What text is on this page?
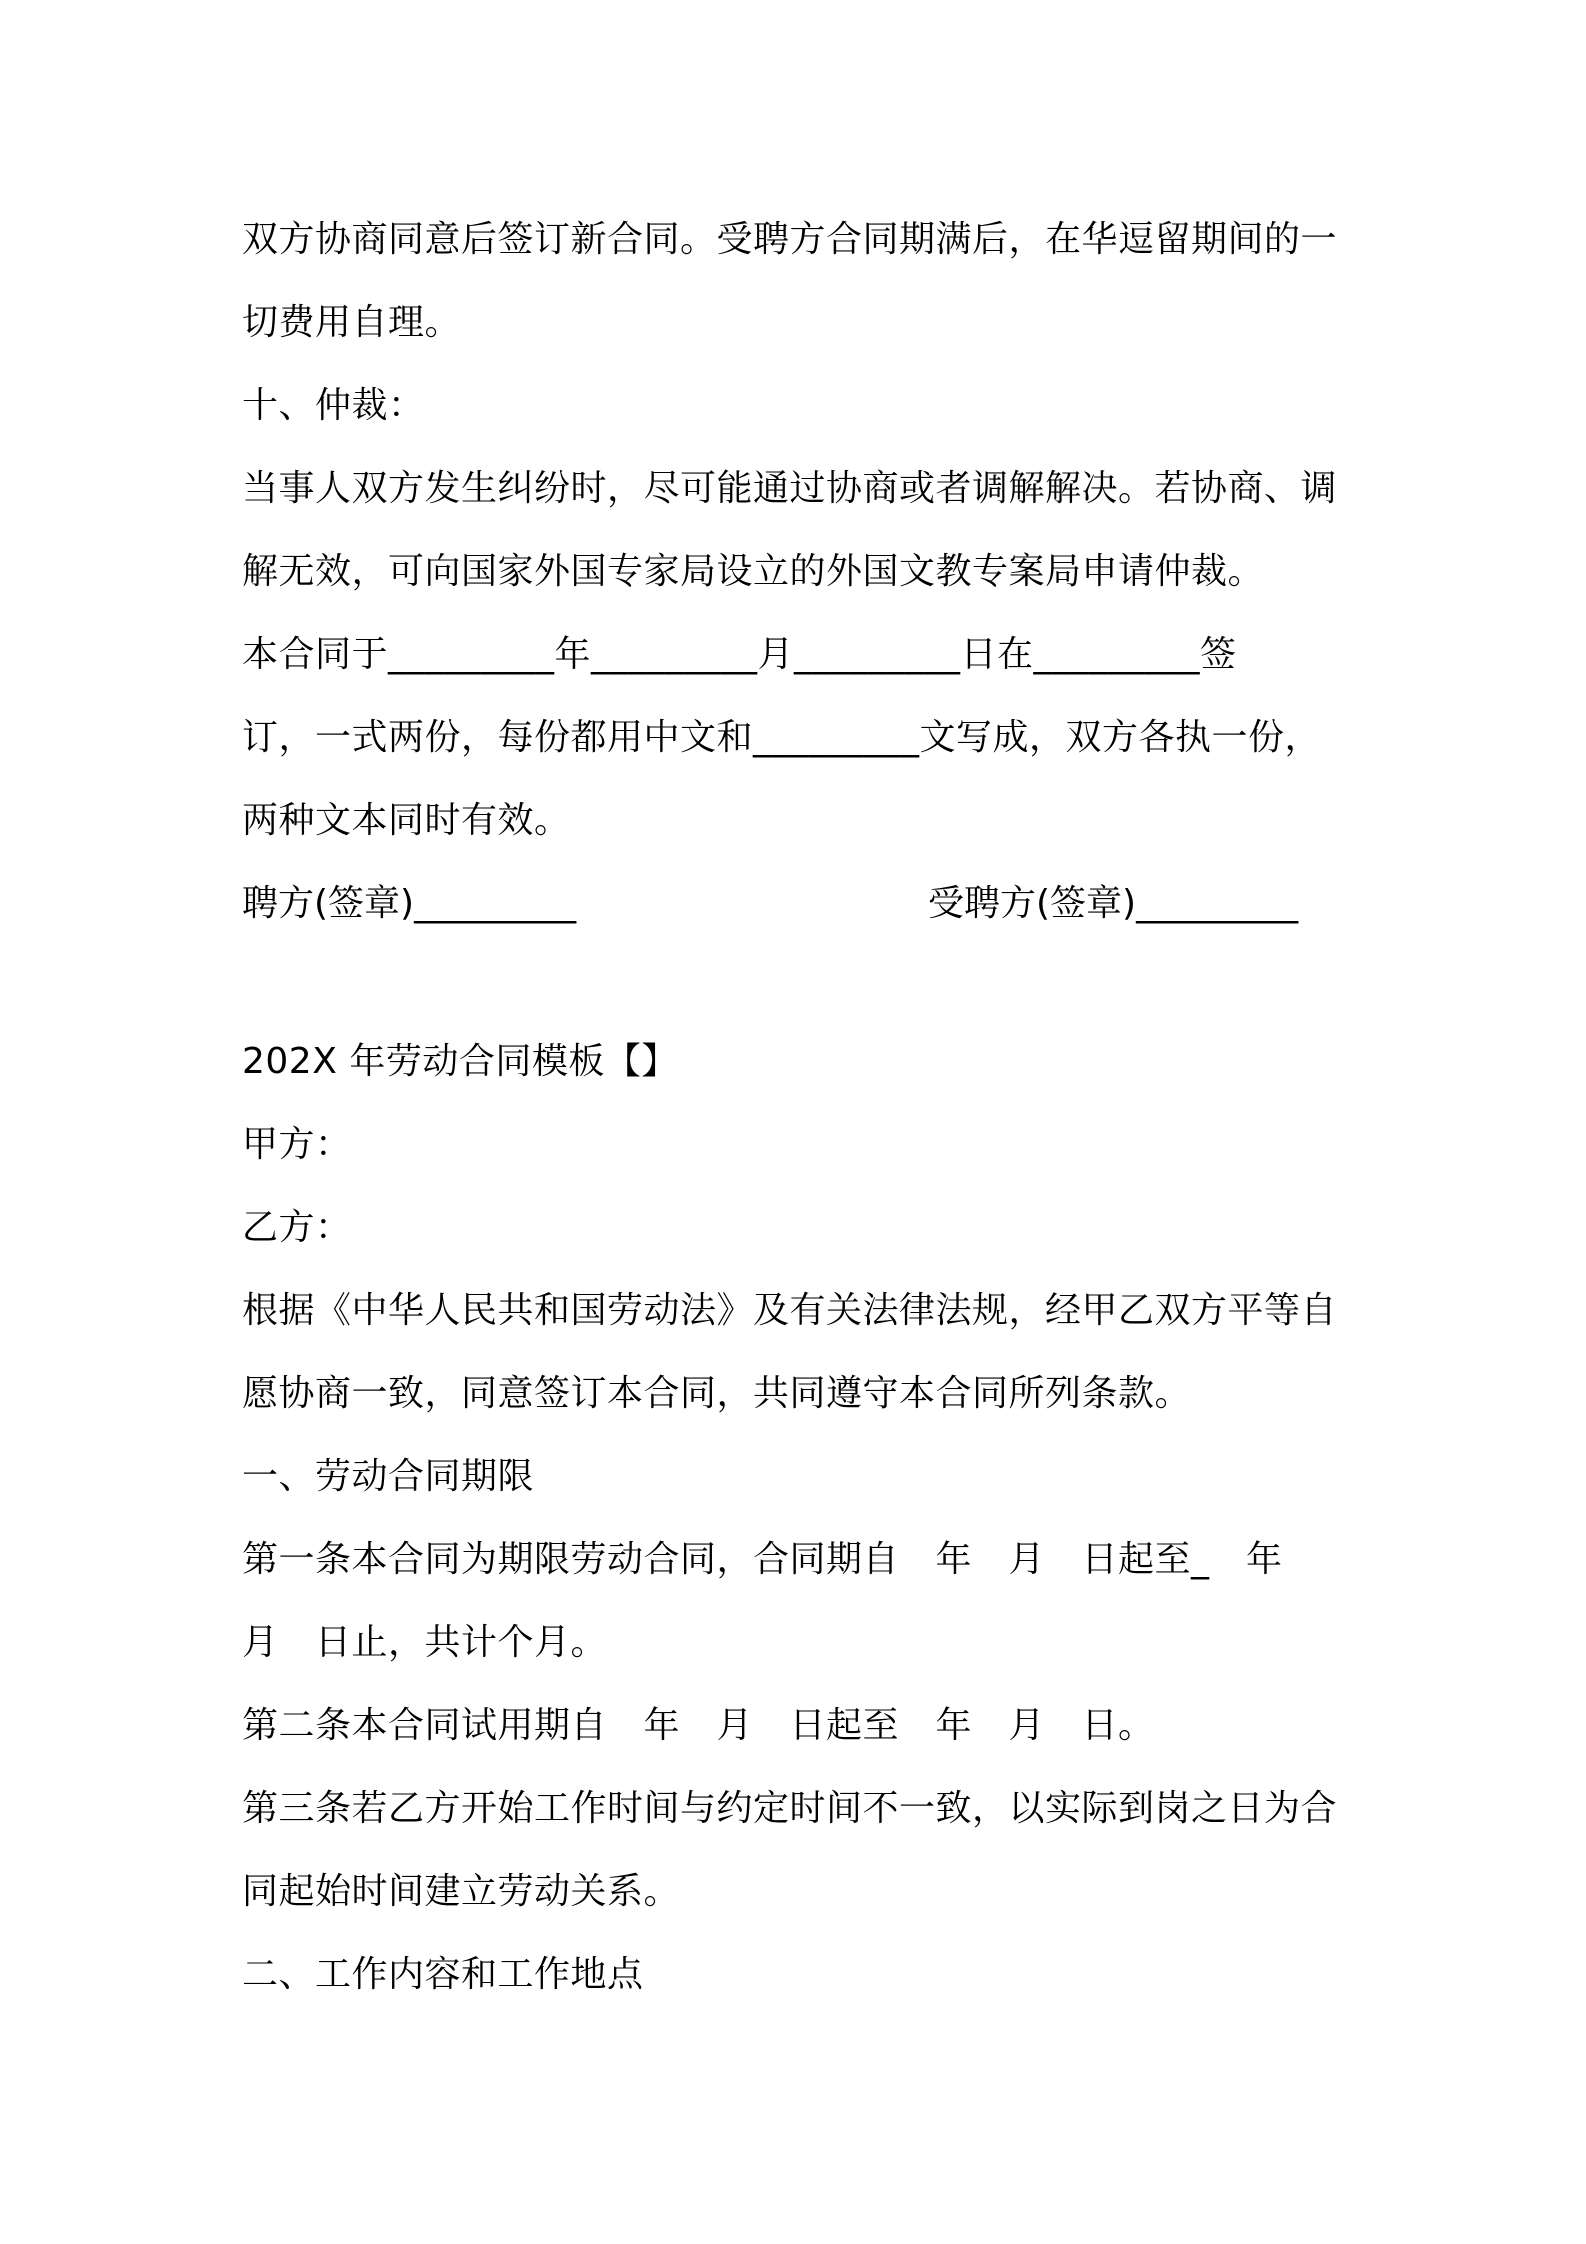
双方协商同意后签订新合同。受聘方合同期满后，在华逗留期间的一
切费用自理。
十、仲裁：
当事人双方发生纠纷时，尽可能通过协商或者调解解决。若协商、调
解无效，可向国家外国专家局设立的外国文教专案局申请仲裁。
本合同于_________年_________月_________日在_________签
订，一式两份，每份都用中文和_________文写成，双方各执一份，
两种文本同时有效。
聘方(签章)_________	受聘方(签章)_________
202X 年劳动合同模板【】
甲方：
乙方：
根据《中华人民共和国劳动法》及有关法律法规，经甲乙双方平等自
愿协商一致，同意签订本合同，共同遵守本合同所列条款。
一、劳动合同期限
第一条本合同为期限劳动合同，合同期自　年　月　日起至_　年
月　日止，共计个月。
第二条本合同试用期自　年　月　日起至　年　月　日。
第三条若乙方开始工作时间与约定时间不一致，以实际到岗之日为合
同起始时间建立劳动关系。
二、工作内容和工作地点
